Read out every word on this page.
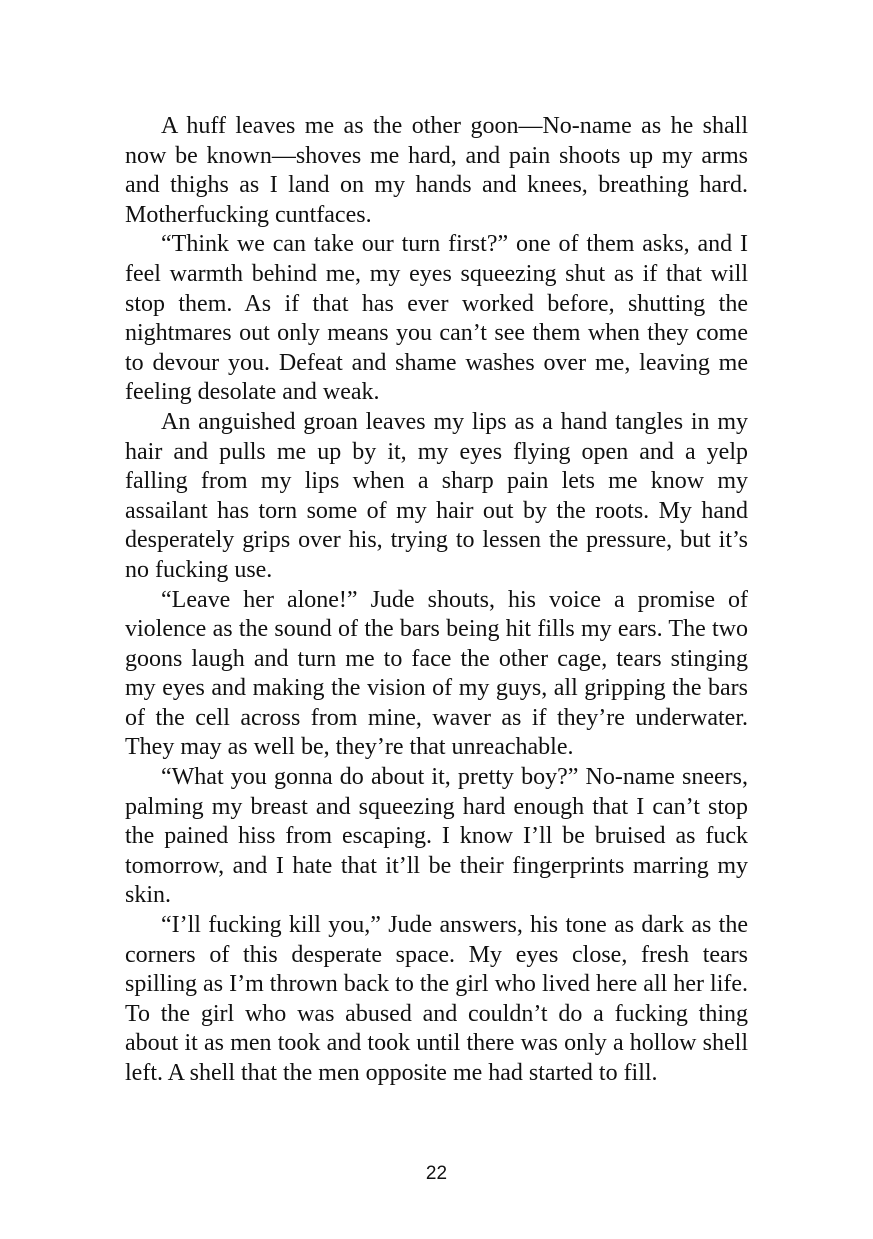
A huff leaves me as the other goon—No-name as he shall now be known—shoves me hard, and pain shoots up my arms and thighs as I land on my hands and knees, breathing hard. Motherfucking cuntfaces.

“Think we can take our turn first?” one of them asks, and I feel warmth behind me, my eyes squeezing shut as if that will stop them. As if that has ever worked before, shutting the nightmares out only means you can’t see them when they come to devour you. Defeat and shame washes over me, leaving me feeling desolate and weak.

An anguished groan leaves my lips as a hand tangles in my hair and pulls me up by it, my eyes flying open and a yelp falling from my lips when a sharp pain lets me know my assailant has torn some of my hair out by the roots. My hand desperately grips over his, trying to lessen the pressure, but it’s no fucking use.

“Leave her alone!” Jude shouts, his voice a promise of violence as the sound of the bars being hit fills my ears. The two goons laugh and turn me to face the other cage, tears stinging my eyes and making the vision of my guys, all gripping the bars of the cell across from mine, waver as if they’re underwater. They may as well be, they’re that unreachable.

“What you gonna do about it, pretty boy?” No-name sneers, palming my breast and squeezing hard enough that I can’t stop the pained hiss from escaping. I know I’ll be bruised as fuck tomorrow, and I hate that it’ll be their fingerprints marring my skin.

“I’ll fucking kill you,” Jude answers, his tone as dark as the corners of this desperate space. My eyes close, fresh tears spilling as I’m thrown back to the girl who lived here all her life. To the girl who was abused and couldn’t do a fucking thing about it as men took and took until there was only a hollow shell left. A shell that the men opposite me had started to fill.

22
